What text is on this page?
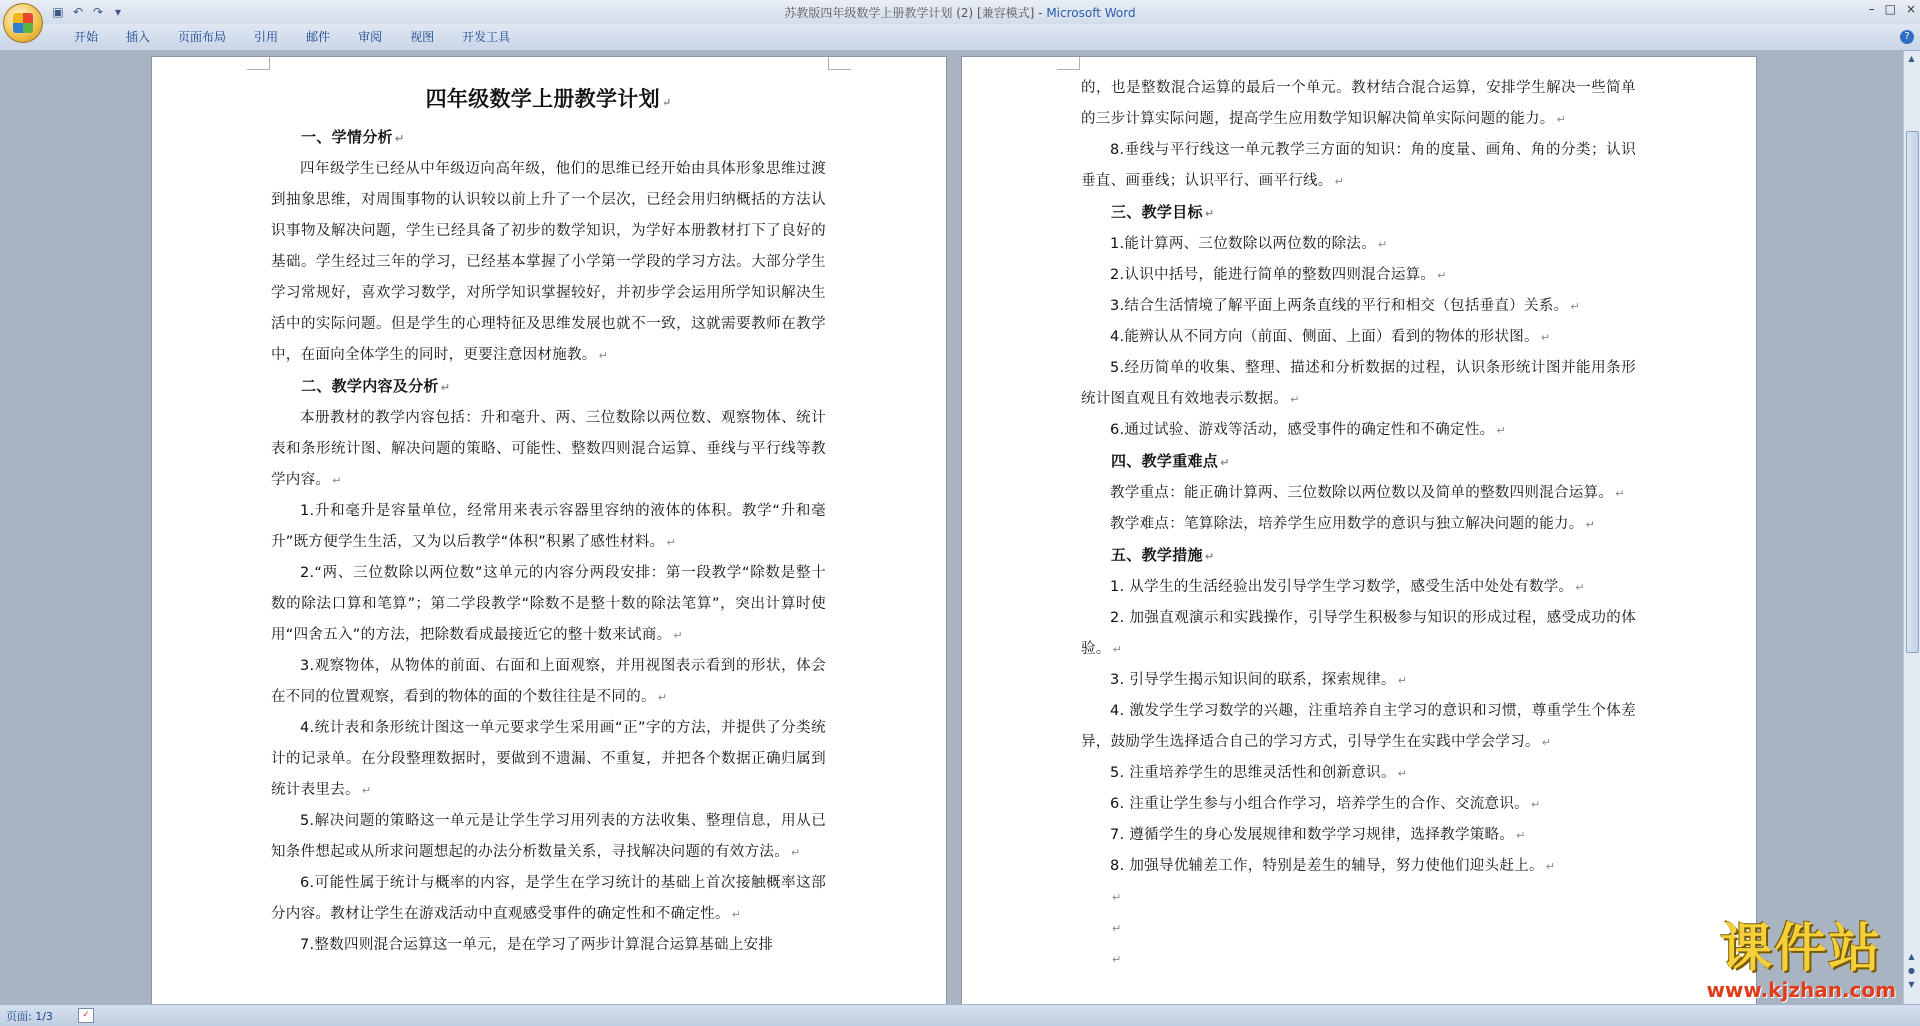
▣ ↶ ↷ ▾	苏教版四年级数学上册教学计划 (2) [兼容模式] - Microsoft Word	– □ ×
开始	插入	页面布局	引用	邮件	审阅	视图	开发工具	?
四年级数学上册教学计划 ↵
一、学情分析 ↵

四年级学生已经从中年级迈向高年级，他们的思维已经开始由具体形象思维过渡到抽象思维，对周围事物的认识较以前上升了一个层次，已经会用归纳概括的方法认识事物及解决问题，学生已经具备了初步的数学知识，为学好本册教材打下了良好的基础。学生经过三年的学习，已经基本掌握了小学第一学段的学习方法。大部分学生学习常规好，喜欢学习数学，对所学知识掌握较好，并初步学会运用所学知识解决生活中的实际问题。但是学生的心理特征及思维发展也就不一致，这就需要教师在教学中，在面向全体学生的同时，更要注意因材施教。 ↵

二、教学内容及分析 ↵

本册教材的教学内容包括：升和毫升、两、三位数除以两位数、观察物体、统计表和条形统计图、解决问题的策略、可能性、整数四则混合运算、垂线与平行线等教学内容。 ↵

1.升和毫升是容量单位，经常用来表示容器里容纳的液体的体积。教学“升和毫升”既方便学生生活，又为以后教学“体积”积累了感性材料。 ↵

2.“两、三位数除以两位数”这单元的内容分两段安排：第一段教学“除数是整十数的除法口算和笔算”；第二学段教学“除数不是整十数的除法笔算”，突出计算时使用“四舍五入”的方法，把除数看成最接近它的整十数来试商。 ↵

3.观察物体，从物体的前面、右面和上面观察，并用视图表示看到的形状，体会在不同的位置观察，看到的物体的面的个数往往是不同的。 ↵

4.统计表和条形统计图这一单元要求学生采用画“正”字的方法，并提供了分类统计的记录单。在分段整理数据时，要做到不遗漏、不重复，并把各个数据正确归属到统计表里去。 ↵

5.解决问题的策略这一单元是让学生学习用列表的方法收集、整理信息，用从已知条件想起或从所求问题想起的办法分析数量关系，寻找解决问题的有效方法。 ↵

6.可能性属于统计与概率的内容，是学生在学习统计的基础上首次接触概率这部分内容。教材让学生在游戏活动中直观感受事件的确定性和不确定性。 ↵

7.整数四则混合运算这一单元，是在学习了两步计算混合运算基础上安排

的，也是整数混合运算的最后一个单元。教材结合混合运算，安排学生解决一些简单的三步计算实际问题，提高学生应用数学知识解决简单实际问题的能力。 ↵

8.垂线与平行线这一单元教学三方面的知识：角的度量、画角、角的分类；认识垂直、画垂线；认识平行、画平行线。 ↵

三、教学目标 ↵

1.能计算两、三位数除以两位数的除法。 ↵

2.认识中括号，能进行简单的整数四则混合运算。 ↵

3.结合生活情境了解平面上两条直线的平行和相交（包括垂直）关系。 ↵

4.能辨认从不同方向（前面、侧面、上面）看到的物体的形状图。 ↵

5.经历简单的收集、整理、描述和分析数据的过程，认识条形统计图并能用条形统计图直观且有效地表示数据。 ↵

6.通过试验、游戏等活动，感受事件的确定性和不确定性。 ↵

四、教学重难点 ↵

教学重点：能正确计算两、三位数除以两位数以及简单的整数四则混合运算。 ↵

教学难点：笔算除法，培养学生应用数学的意识与独立解决问题的能力。 ↵

五、教学措施 ↵

1. 从学生的生活经验出发引导学生学习数学，感受生活中处处有数学。 ↵

2. 加强直观演示和实践操作，引导学生积极参与知识的形成过程，感受成功的体验。 ↵

3. 引导学生揭示知识间的联系，探索规律。 ↵

4. 激发学生学习数学的兴趣，注重培养自主学习的意识和习惯，尊重学生个体差异，鼓励学生选择适合自己的学习方式，引导学生在实践中学会学习。 ↵

5. 注重培养学生的思维灵活性和创新意识。 ↵

6. 注重让学生参与小组合作学习，培养学生的合作、交流意识。 ↵

7. 遵循学生的身心发展规律和数学学习规律，选择教学策略。 ↵

8. 加强导优辅差工作，特别是差生的辅导，努力使他们迎头赶上。 ↵

↵

↵

↵

▲
▲
●
▼
页面: 1/3	✓
课件站
www.kjzhan.com
